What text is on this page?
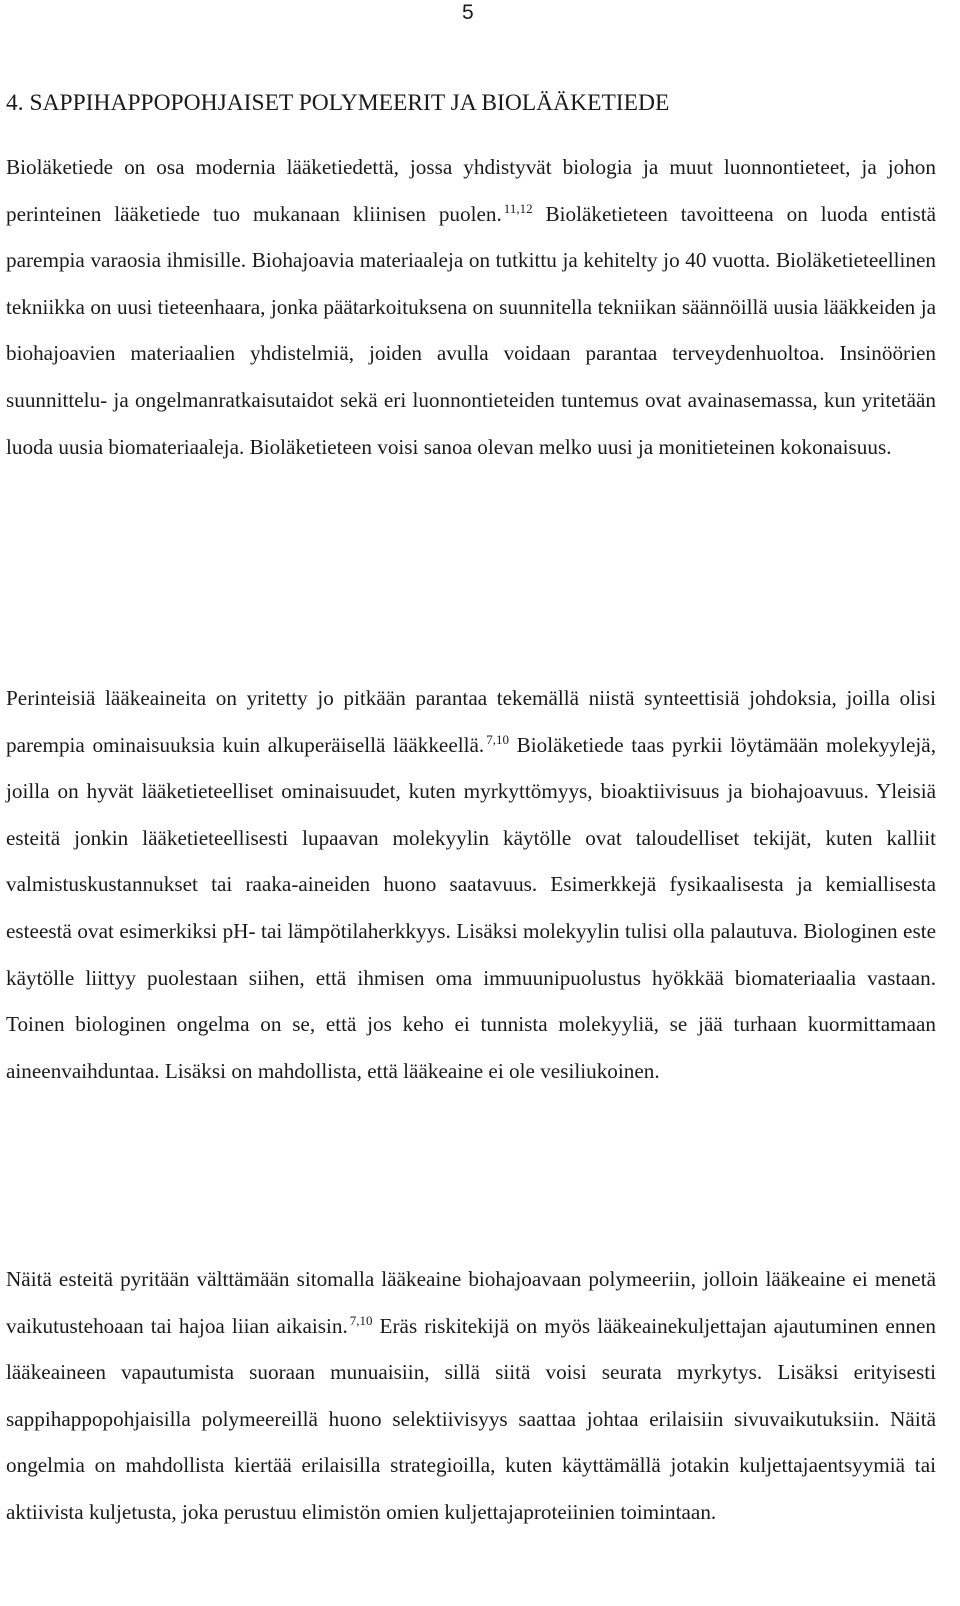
5
4. SAPPIHAPPOPOHJAISET POLYMEERIT JA BIOLÄÄKETIEDE

Bioläketiede on osa modernia lääketiedettä, jossa yhdistyvät biologia ja muut luonnontieteet, ja johon perinteinen lääketiede tuo mukanaan kliinisen puolen. $^{11,12}$ Bioläketieteen tavoitteena on luoda entistä parempia varaosia ihmisille. Biohajoavia materiaaleja on tutkittu ja kehitelty jo 40 vuotta. Bioläketieteellinen tekniikka on uusi tieteenhaara, jonka päätarkoituksena on suunnitella tekniikan säännöillä uusia lääkkeiden ja biohajoavien materiaalien yhdistelmiä, joiden avulla voidaan parantaa terveydenhuoltoa. Insinöörien suunnittelu- ja ongelmanratkaisutaidot sekä eri luonnontieteiden tuntemus ovat avainasemassa, kun yritetään luoda uusia biomateriaaleja. Bioläketieteen voisi sanoa olevan melko uusi ja monitieteinen kokonaisuus.

Perinteisiä lääkeaineita on yritetty jo pitkään parantaa tekemällä niistä synteettisiä johdoksia, joilla olisi parempia ominaisuuksia kuin alkuperäisellä lääkkeellä. $^{7,10}$ Bioläketiede taas pyrkii löytämään molekyylejä, joilla on hyvät lääketieteelliset ominaisuudet, kuten myrkyttömyys, bioaktiivisuus ja biohajoavuus. Yleisiä esteitä jonkin lääketieteellisesti lupaavan molekyylin käytölle ovat taloudelliset tekijät, kuten kalliit valmistuskustannukset tai raaka-aineiden huono saatavuus. Esimerkkejä fysikaalisesta ja kemiallisesta esteestä ovat esimerkiksi pH- tai lämpötilaherkkyys. Lisäksi molekyylin tulisi olla palautuva. Biologinen este käytölle liittyy puolestaan siihen, että ihmisen oma immuunipuolustus hyökkää biomateriaalia vastaan. Toinen biologinen ongelma on se, että jos keho ei tunnista molekyyliä, se jää turhaan kuormittamaan aineenvaihduntaa. Lisäksi on mahdollista, että lääkeaine ei ole vesiliukoinen.

Näitä esteitä pyritään välttämään sitomalla lääkeaine biohajoavaan polymeeriin, jolloin lääkeaine ei menetä vaikutustehoaan tai hajoa liian aikaisin. $^{7,10}$ Eräs riskitekijä on myös lääkeainekuljettajan ajautuminen ennen lääkeaineen vapautumista suoraan munuaisiin, sillä siitä voisi seurata myrkytys. Lisäksi erityisesti sappihappopohjaisilla polymeereillä huono selektiivisyys saattaa johtaa erilaisiin sivuvaikutuksiin. Näitä ongelmia on mahdollista kiertää erilaisilla strategioilla, kuten käyttämällä jotakin kuljettajaentsyymiä tai aktiivista kuljetusta, joka perustuu elimistön omien kuljettajaproteiinien toimintaan.
